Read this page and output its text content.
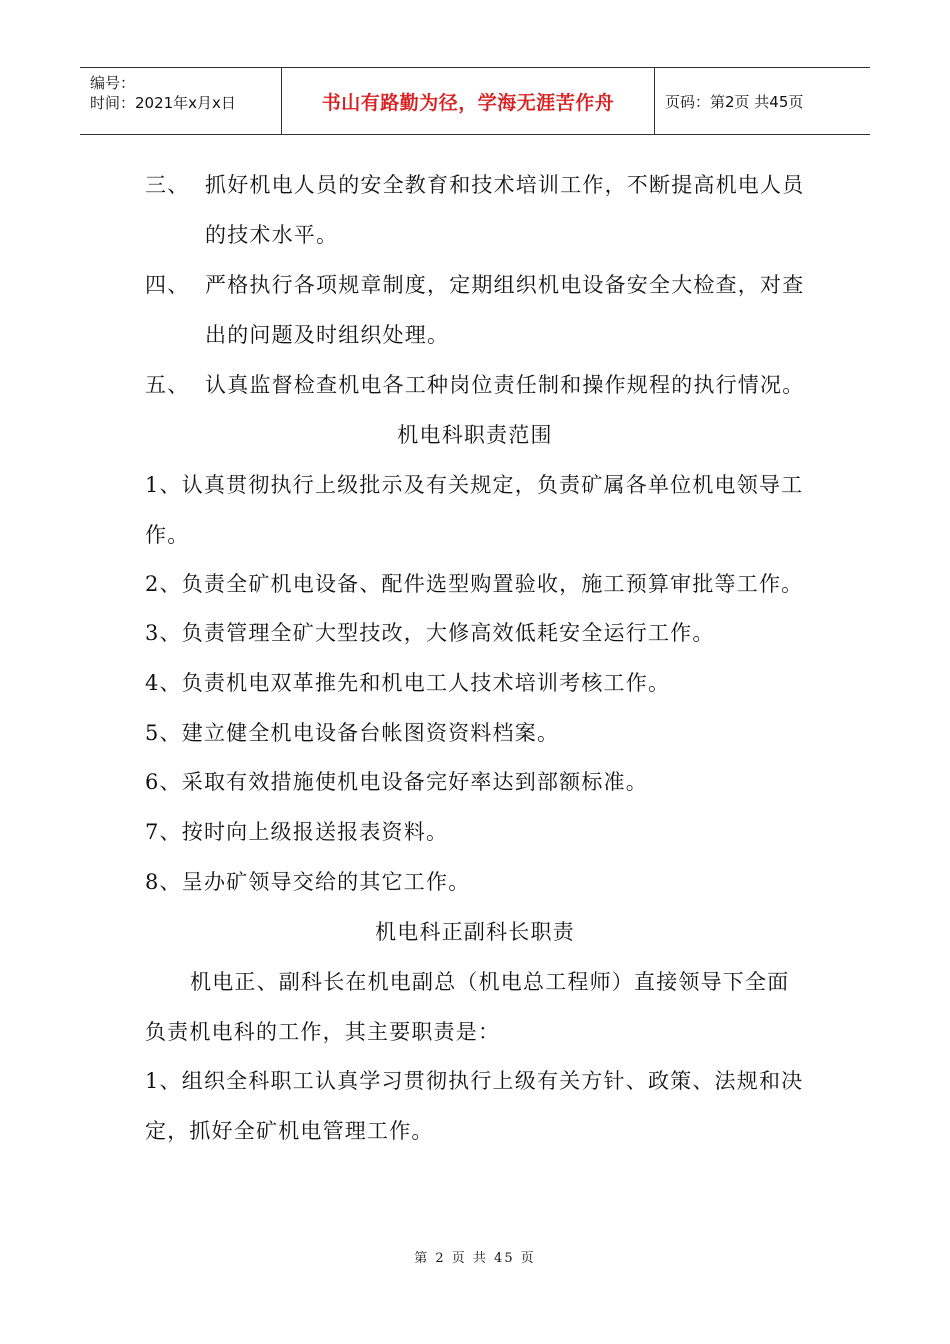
编号：
时间：2021年x月x日	书山有路勤为径，学海无涯苦作舟	页码：第2页 共45页
三、 抓好机电人员的安全教育和技术培训工作，不断提高机电人员
的技术水平。
四、 严格执行各项规章制度，定期组织机电设备安全大检查，对查
出的问题及时组织处理。
五、 认真监督检查机电各工种岗位责任制和操作规程的执行情况。
机电科职责范围
1、认真贯彻执行上级批示及有关规定，负责矿属各单位机电领导工
作。
2、负责全矿机电设备、配件选型购置验收，施工预算审批等工作。
3、负责管理全矿大型技改，大修高效低耗安全运行工作。
4、负责机电双革推先和机电工人技术培训考核工作。
5、建立健全机电设备台帐图资资料档案。
6、采取有效措施使机电设备完好率达到部额标准。
7、按时向上级报送报表资料。
8、呈办矿领导交给的其它工作。
机电科正副科长职责
机电正、副科长在机电副总（机电总工程师）直接领导下全面
负责机电科的工作，其主要职责是：
1、组织全科职工认真学习贯彻执行上级有关方针、政策、法规和决
定，抓好全矿机电管理工作。
第 2 页 共 45 页
